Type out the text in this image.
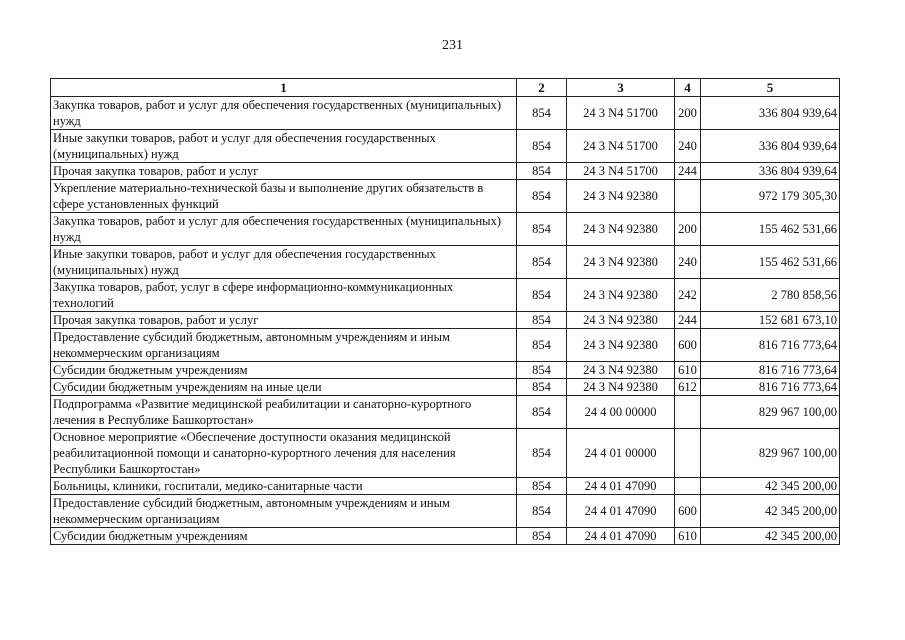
231
1	2	3	4	5
Закупка товаров, работ и услуг для обеспечения государственных (муниципальных) нужд	854	24 3 N4 51700	200	336 804 939,64
Иные закупки товаров, работ и услуг для обеспечения государственных (муниципальных) нужд	854	24 3 N4 51700	240	336 804 939,64
Прочая закупка товаров, работ и услуг	854	24 3 N4 51700	244	336 804 939,64
Укрепление материально-технической базы и выполнение других обязательств в сфере установленных функций	854	24 3 N4 92380		972 179 305,30
Закупка товаров, работ и услуг для обеспечения государственных (муниципальных) нужд	854	24 3 N4 92380	200	155 462 531,66
Иные закупки товаров, работ и услуг для обеспечения государственных (муниципальных) нужд	854	24 3 N4 92380	240	155 462 531,66
Закупка товаров, работ, услуг в сфере информационно-коммуникационных технологий	854	24 3 N4 92380	242	2 780 858,56
Прочая закупка товаров, работ и услуг	854	24 3 N4 92380	244	152 681 673,10
Предоставление субсидий бюджетным, автономным учреждениям и иным некоммерческим организациям	854	24 3 N4 92380	600	816 716 773,64
Субсидии бюджетным учреждениям	854	24 3 N4 92380	610	816 716 773,64
Субсидии бюджетным учреждениям на иные цели	854	24 3 N4 92380	612	816 716 773,64
Подпрограмма «Развитие медицинской реабилитации и санаторно-курортного лечения в Республике Башкортостан»	854	24 4 00 00000		829 967 100,00
Основное мероприятие «Обеспечение доступности оказания медицинской реабилитационной помощи и санаторно-курортного лечения для населения Республики Башкортостан»	854	24 4 01 00000		829 967 100,00
Больницы, клиники, госпитали, медико-санитарные части	854	24 4 01 47090		42 345 200,00
Предоставление субсидий бюджетным, автономным учреждениям и иным некоммерческим организациям	854	24 4 01 47090	600	42 345 200,00
Субсидии бюджетным учреждениям	854	24 4 01 47090	610	42 345 200,00
